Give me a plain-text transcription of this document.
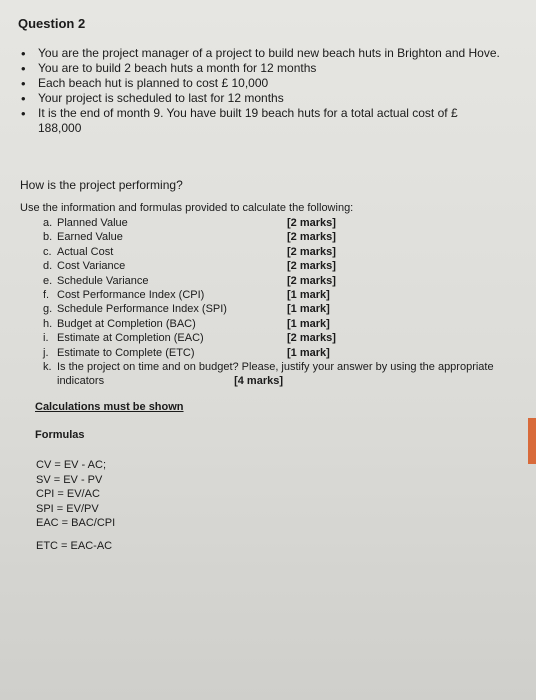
Question 2
• You are the project manager of a project to build new beach huts in Brighton and Hove.
• You are to build 2 beach huts a month for 12 months
• Each beach hut is planned to cost £ 10,000
• Your project is scheduled to last for 12 months
• It is the end of month 9. You have built 19 beach huts for a total actual cost of £ 188,000
How is the project performing?
Use the information and formulas provided to calculate the following:
a. Planned Value	[2 marks]
b. Earned Value	[2 marks]
c. Actual Cost	[2 marks]
d. Cost Variance	[2 marks]
e. Schedule Variance	[2 marks]
f. Cost Performance Index (CPI)	[1 mark]
g. Schedule Performance Index (SPI)	[1 mark]
h. Budget at Completion (BAC)	[1 mark]
i. Estimate at Completion (EAC)	[2 marks]
j. Estimate to Complete (ETC)	[1 mark]
k. Is the project on time and on budget? Please, justify your answer by using the appropriate indicators	[4 marks]
Calculations must be shown
Formulas
CV = EV - AC;
SV = EV - PV
CPI = EV/AC
SPI = EV/PV
EAC = BAC/CPI
ETC = EAC-AC
